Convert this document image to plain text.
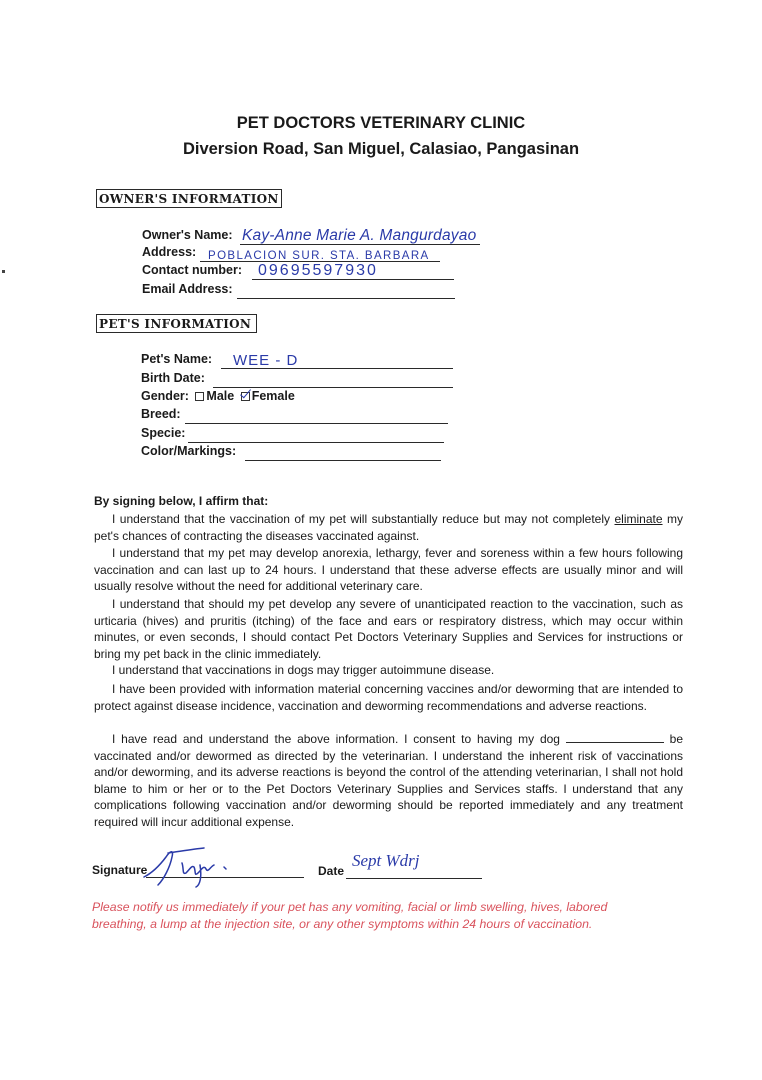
PET DOCTORS VETERINARY CLINIC
Diversion Road, San Miguel, Calasiao, Pangasinan
OWNER'S INFORMATION
Owner's Name: Kay-Anne Marie A. Mangurdayao
Address: POBLACION SUR. STA. BARBARA
Contact number: 09695597930
Email Address:
PET'S INFORMATION
Pet's Name: WEE - D
Birth Date:
Gender: Male Female
Breed:
Specie:
Color/Markings:
By signing below, I affirm that:

I understand that the vaccination of my pet will substantially reduce but may not completely eliminate my pet's chances of contracting the diseases vaccinated against.

I understand that my pet may develop anorexia, lethargy, fever and soreness within a few hours following vaccination and can last up to 24 hours. I understand that these adverse effects are usually minor and will usually resolve without the need for additional veterinary care.

I understand that should my pet develop any severe of unanticipated reaction to the vaccination, such as urticaria (hives) and pruritis (itching) of the face and ears or respiratory distress, which may occur within minutes, or even seconds, I should contact Pet Doctors Veterinary Supplies and Services for instructions or bring my pet back in the clinic immediately.

I understand that vaccinations in dogs may trigger autoimmune disease.

I have been provided with information material concerning vaccines and/or deworming that are intended to protect against disease incidence, vaccination and deworming recommendations and adverse reactions.

I have read and understand the above information. I consent to having my dog	be vaccinated and/or dewormed as directed by the veterinarian. I understand the inherent risk of vaccinations and/or deworming, and its adverse reactions is beyond the control of the attending veterinarian, I shall not hold blame to him or her or to the Pet Doctors Veterinary Supplies and Services staffs. I understand that any complications following vaccination and/or deworming should be reported immediately and any treatment required will incur additional expense.

Signature	Date
Sept Wdrj
Please notify us immediately if your pet has any vomiting, facial or limb swelling, hives, labored breathing, a lump at the injection site, or any other symptoms within 24 hours of vaccination.
